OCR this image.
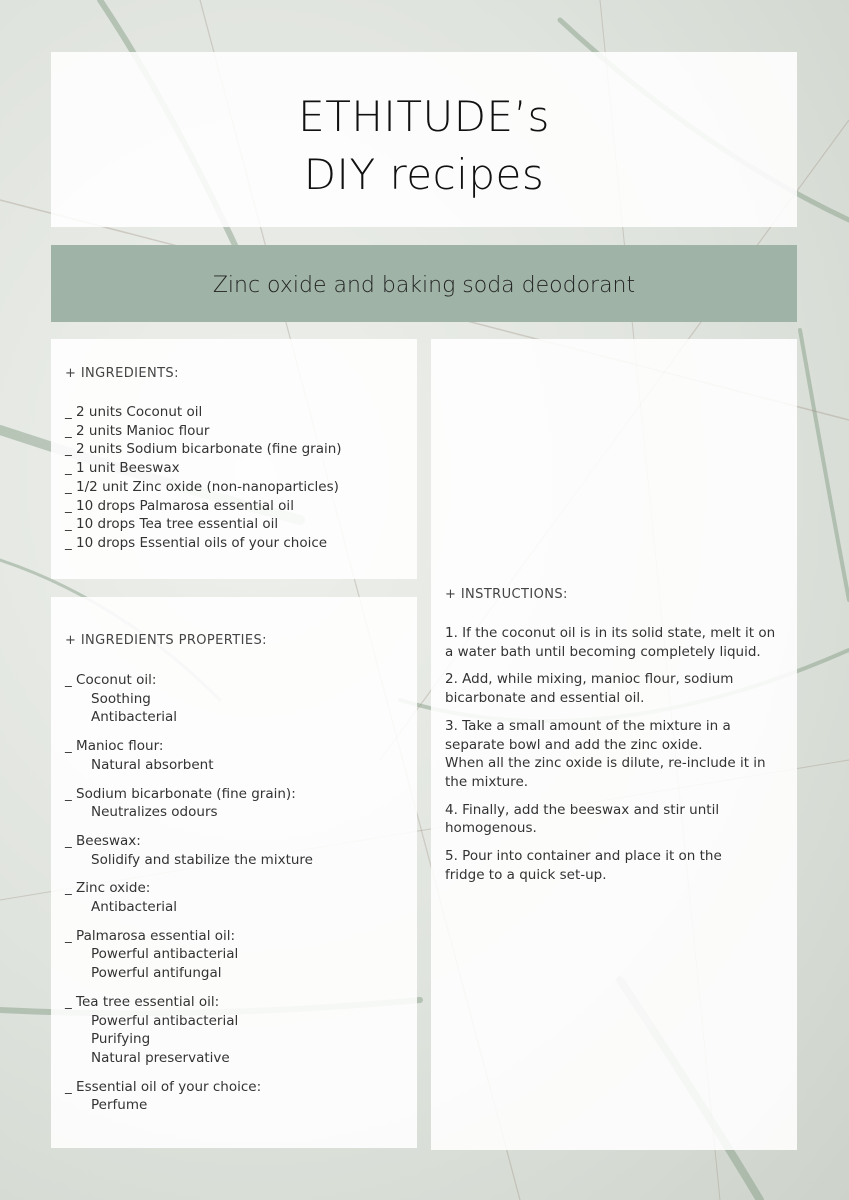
ETHITUDE’s
DIY recipes
Zinc oxide and baking soda deodorant
+ INGREDIENTS:
_ 2 units Coconut oil
_ 2 units Manioc flour
_ 2 units Sodium bicarbonate (fine grain)
_ 1 unit Beeswax
_ 1/2 unit Zinc oxide (non-nanoparticles)
_ 10 drops Palmarosa essential oil
_ 10 drops Tea tree essential oil
_ 10 drops Essential oils of your choice
+ INGREDIENTS PROPERTIES:
_ Coconut oil:
Soothing
Antibacterial
_ Manioc flour:
Natural absorbent
_ Sodium bicarbonate (fine grain):
Neutralizes odours
_ Beeswax:
Solidify and stabilize the mixture
_ Zinc oxide:
Antibacterial
_ Palmarosa essential oil:
Powerful antibacterial
Powerful antifungal
_ Tea tree essential oil:
Powerful antibacterial
Purifying
Natural preservative
_ Essential oil of your choice:
Perfume
+ INSTRUCTIONS:
1. If the coconut oil is in its solid state, melt it on
a water bath until becoming completely liquid.
2. Add, while mixing, manioc flour, sodium
bicarbonate and essential oil.
3. Take a small amount of the mixture in a
separate bowl and add the zinc oxide.
When all the zinc oxide is dilute, re-include it in
the mixture.
4. Finally, add the beeswax and stir until
homogenous.
5. Pour into container and place it on the
fridge to a quick set-up.
